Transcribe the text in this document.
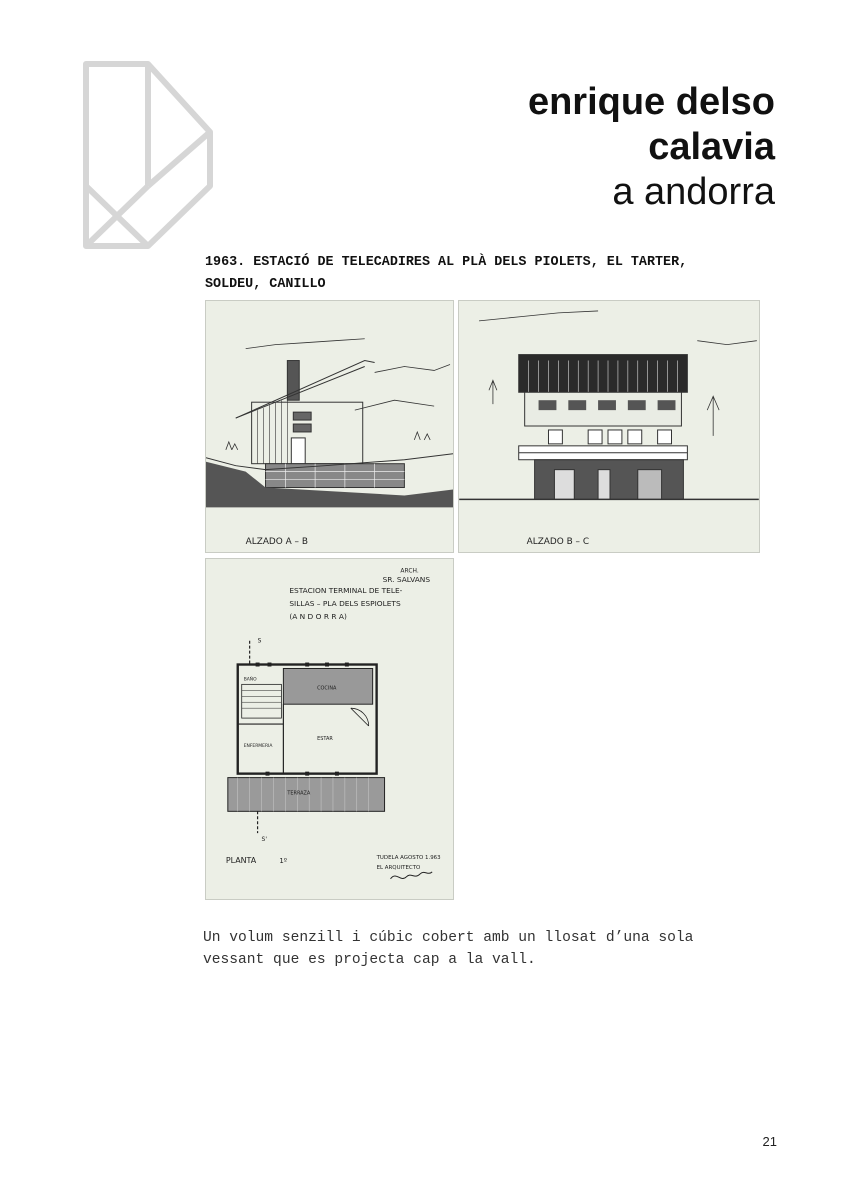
enrique delso
calavia
a andorra
1963. ESTACIÓ DE TELECADIRES AL PLÀ DELS PIOLETS, EL TARTER,
SOLDEU, CANILLO
ALZADO A – B	ALZADO B – C
ARCH.
SR. SALVANS
ESTACION TERMINAL DE TELE-
SILLAS – PLA DELS ESPIOLETS
(A N D O R R A)
S
S'
BAÑO
COCINA
ESTAR
ENFERMERIA
TERRAZA
PLANTA	1º	TUDELA AGOSTO 1.963
EL ARQUITECTO
Un volum senzill i cúbic cobert amb un llosat d’una sola
vessant que es projecta cap a la vall.
21
